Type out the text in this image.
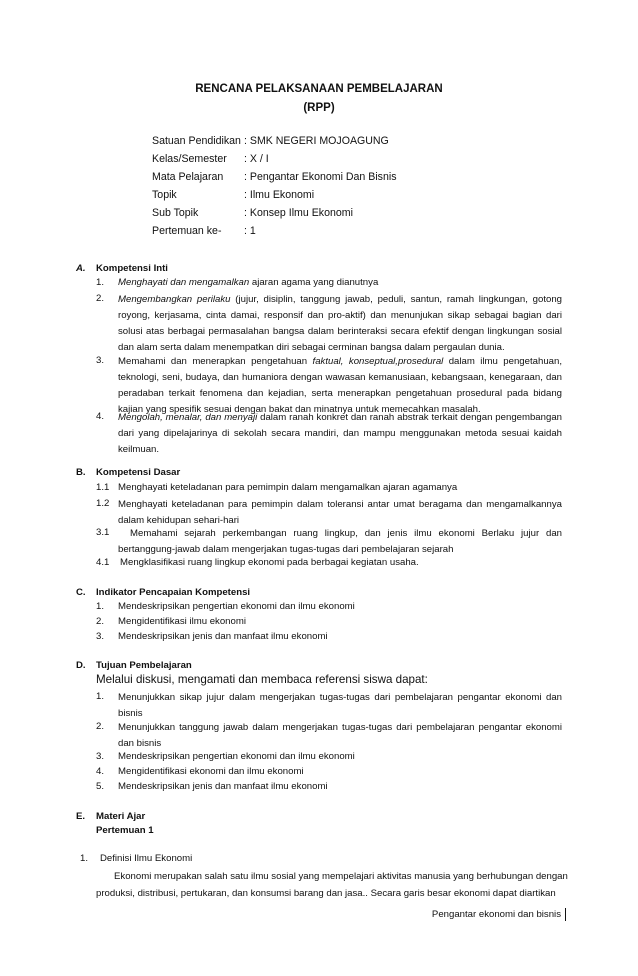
RENCANA PELAKSANAAN PEMBELAJARAN
(RPP)
Satuan Pendidikan : SMK NEGERI MOJOAGUNG
Kelas/Semester : X / I
Mata Pelajaran : Pengantar Ekonomi Dan Bisnis
Topik	: Ilmu Ekonomi
Sub Topik	: Konsep Ilmu Ekonomi
Pertemuan ke- : 1
A. Kompetensi Inti
1. Menghayati dan mengamalkan ajaran agama yang dianutnya
2. Mengembangkan perilaku (jujur, disiplin, tanggung jawab, peduli, santun, ramah lingkungan, gotong royong, kerjasama, cinta damai, responsif dan pro-aktif) dan menunjukan sikap sebagai bagian dari solusi atas berbagai permasalahan bangsa dalam berinteraksi secara efektif dengan lingkungan sosial dan alam serta dalam menempatkan diri sebagai cerminan bangsa dalam pergaulan dunia.
3. Memahami dan menerapkan pengetahuan faktual, konseptual,prosedural dalam ilmu pengetahuan, teknologi, seni, budaya, dan humaniora dengan wawasan kemanusiaan, kebangsaan, kenegaraan, dan peradaban terkait fenomena dan kejadian, serta menerapkan pengetahuan prosedural pada bidang kajian yang spesifik sesuai dengan bakat dan minatnya untuk memecahkan masalah.
4. Mengolah, menalar, dan menyaji dalam ranah konkret dan ranah abstrak terkait dengan pengembangan dari yang dipelajarinya di sekolah secara mandiri, dan mampu menggunakan metoda sesuai kaidah keilmuan.
B. Kompetensi Dasar
1.1 Menghayati keteladanan para pemimpin dalam mengamalkan ajaran agamanya
1.2 Menghayati keteladanan para pemimpin dalam toleransi antar umat beragama dan mengamalkannya dalam kehidupan sehari-hari
3.1	Memahami sejarah perkembangan ruang lingkup, dan jenis ilmu ekonomi Berlaku jujur dan bertanggung-jawab dalam mengerjakan tugas-tugas dari pembelajaran sejarah
4.1 Mengklasifikasi ruang lingkup ekonomi pada berbagai kegiatan usaha.
C. Indikator Pencapaian Kompetensi
1. Mendeskripsikan pengertian ekonomi dan ilmu ekonomi
2. Mengidentifikasi ilmu ekonomi
3. Mendeskripsikan jenis dan manfaat ilmu ekonomi
D. Tujuan Pembelajaran
Melalui diskusi, mengamati dan membaca referensi siswa dapat:
1. Menunjukkan sikap jujur dalam mengerjakan tugas-tugas dari pembelajaran pengantar ekonomi dan bisnis
2. Menunjukkan tanggung jawab dalam mengerjakan tugas-tugas dari pembelajaran pengantar ekonomi dan bisnis
3. Mendeskripsikan pengertian ekonomi dan ilmu ekonomi
4. Mengidentifikasi ekonomi dan ilmu ekonomi
5. Mendeskripsikan jenis dan manfaat ilmu ekonomi
E. Materi Ajar
Pertemuan 1
1. Definisi Ilmu Ekonomi
Ekonomi merupakan salah satu ilmu sosial yang mempelajari aktivitas manusia yang berhubungan dengan
produksi, distribusi, pertukaran, dan konsumsi barang dan jasa.. Secara garis besar ekonomi dapat diartikan
Pengantar ekonomi dan bisnis
